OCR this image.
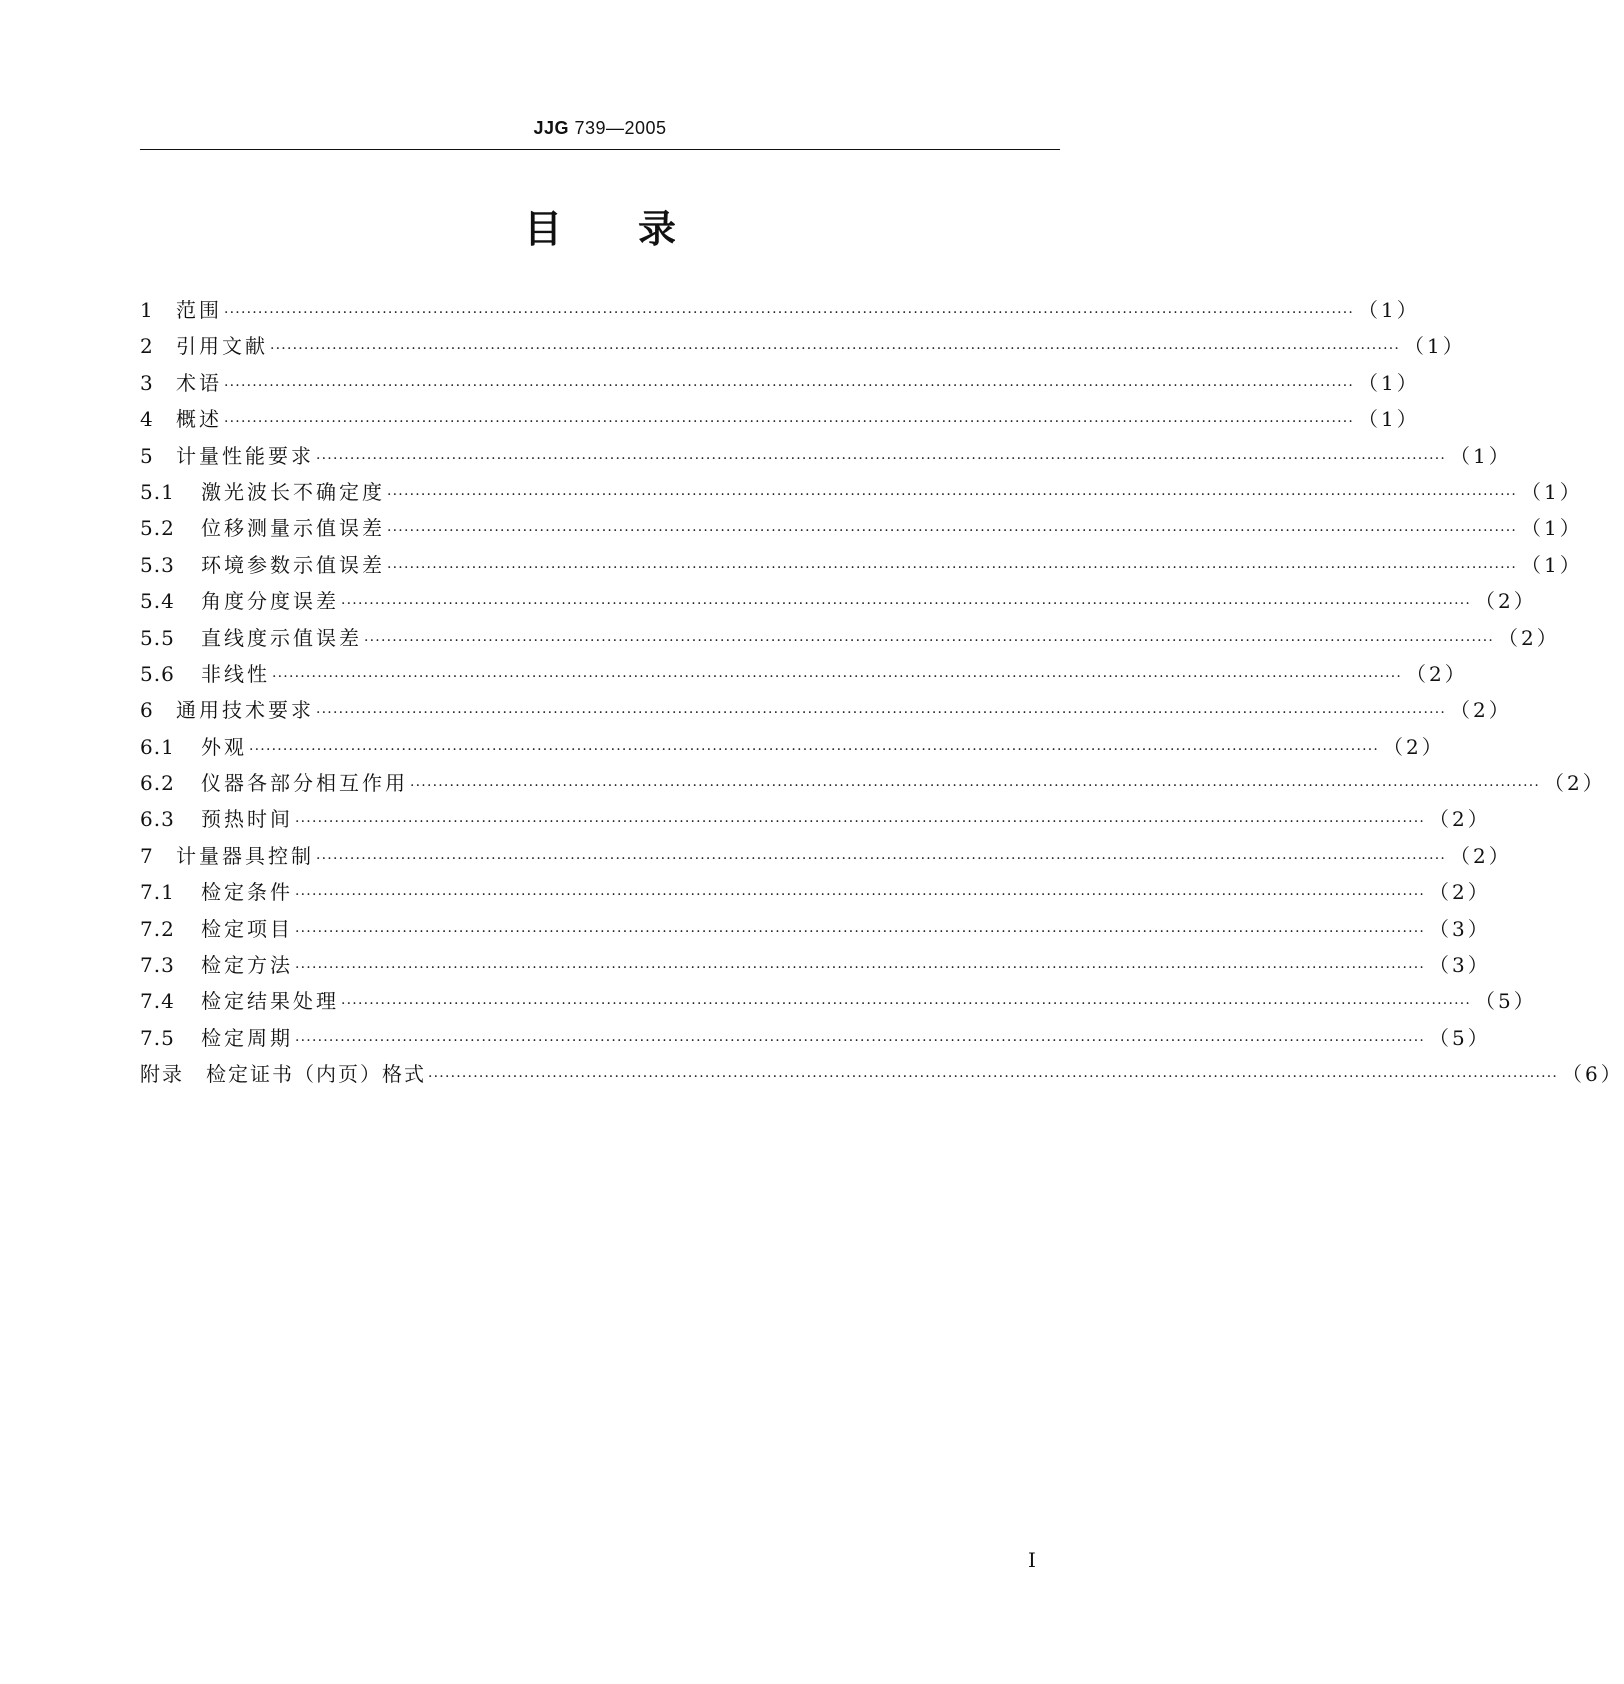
JJG 739—2005
目录
1	范围 ········································································································································································································ （1）
2	引用文献 ········································································································································································································ （1）
3	术语 ········································································································································································································ （1）
4	概述 ········································································································································································································ （1）
5	计量性能要求 ········································································································································································································ （1）
5.1	激光波长不确定度 ········································································································································································································ （1）
5.2	位移测量示值误差 ········································································································································································································ （1）
5.3	环境参数示值误差 ········································································································································································································ （1）
5.4	角度分度误差 ········································································································································································································ （2）
5.5	直线度示值误差 ········································································································································································································ （2）
5.6	非线性 ········································································································································································································ （2）
6	通用技术要求 ········································································································································································································ （2）
6.1	外观 ········································································································································································································ （2）
6.2	仪器各部分相互作用 ········································································································································································································ （2）
6.3	预热时间 ········································································································································································································ （2）
7	计量器具控制 ········································································································································································································ （2）
7.1	检定条件 ········································································································································································································ （2）
7.2	检定项目 ········································································································································································································ （3）
7.3	检定方法 ········································································································································································································ （3）
7.4	检定结果处理 ········································································································································································································ （5）
7.5	检定周期 ········································································································································································································ （5）
附录　检定证书（内页）格式 ········································································································································································································ （6）
Ⅰ
